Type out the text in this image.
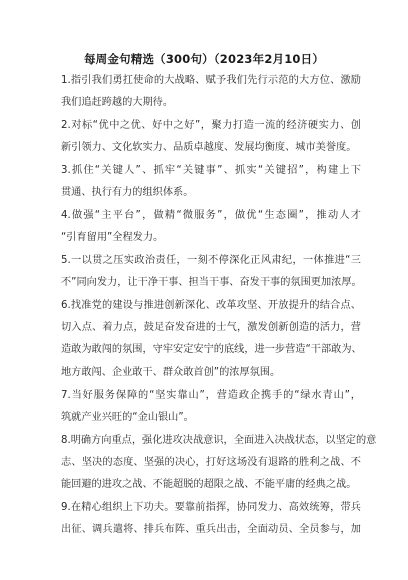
每周金句精选（300句）（2023年2月10日）
1.指引我们勇扛使命的大战略、赋予我们先行示范的大方位、激励
我们追赶跨越的大期待。
2.对标“优中之优、好中之好”，聚力打造一流的经济硬实力、创
新引领力、文化软实力、品质卓越度、发展均衡度、城市美誉度。
3.抓住“关键人”、抓牢“关键事”、抓实“关键招”，构建上下
贯通、执行有力的组织体系。
4.做强“主平台”，做精“微服务”，做优“生态圈”，推动人才
“引育留用”全程发力。
5.一以贯之压实政治责任，一刻不停深化正风肃纪，一体推进“三
不”同向发力，让干净干事、担当干事、奋发干事的氛围更加浓厚。
6.找准党的建设与推进创新深化、改革攻坚、开放提升的结合点、
切入点、着力点，鼓足奋发奋进的士气，激发创新创造的活力，营
造敢为敢闯的氛围，守牢安定安宁的底线，进一步营造“干部敢为、
地方敢闯、企业敢干、群众敢首创”的浓厚氛围。
7.当好服务保障的“坚实靠山”，营造政企携手的“绿水青山”，
筑就产业兴旺的“金山银山”。
8.明确方向重点，强化进攻决战意识，全面进入决战状态，以坚定的意
志、坚决的态度、坚强的决心，打好这场没有退路的胜利之战、不
能回避的进攻之战、不能超脱的超限之战、不能平庸的经典之战。
9.在精心组织上下功夫。要靠前指挥，协同发力、高效统筹，带兵
出征、调兵遣将、排兵布阵、重兵出击，全面动员、全员参与，加
